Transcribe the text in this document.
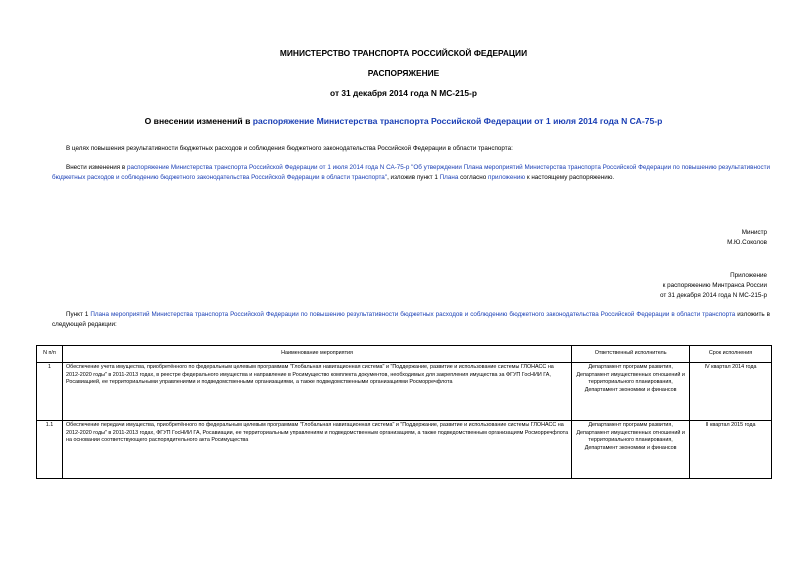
МИНИСТЕРСТВО ТРАНСПОРТА РОССИЙСКОЙ ФЕДЕРАЦИИ
РАСПОРЯЖЕНИЕ
от 31 декабря 2014 года N МС-215-р
О внесении изменений в распоряжение Министерства транспорта Российской Федерации от 1 июля 2014 года N СА-75-р
В целях повышения результативности бюджетных расходов и соблюдения бюджетного законодательства Российской Федерации в области транспорта:
Внести изменения в распоряжение Министерства транспорта Российской Федерации от 1 июля 2014 года N СА-75-р "Об утверждении Плана мероприятий Министерства транспорта Российской Федерации по повышению результативности бюджетных расходов и соблюдению бюджетного законодательства Российской Федерации в области транспорта", изложив пункт 1 Плана согласно приложению к настоящему распоряжению.
Министр
М.Ю.Соколов
Приложение
к распоряжению Минтранса России
от 31 декабря 2014 года N МС-215-р
Пункт 1 Плана мероприятий Министерства транспорта Российской Федерации по повышению результативности бюджетных расходов и соблюдению бюджетного законодательства Российской Федерации в области транспорта изложить в следующей редакции:
N п/п	Наименование мероприятия	Ответственный исполнитель	Срок исполнения
1	Обеспечение учета имущества, приобретённого по федеральным целевым программам "Глобальная навигационная система" и "Поддержание, развитие и использование системы ГЛОНАСС на 2012-2020 годы" в 2011-2013 годах, в реестре федерального имущества и направление в Росимущество комплекта документов, необходимых для закрепления имущества за ФГУП ГосНИИ ГА, Росавиацией, ее территориальными управлениями и подведомственными организациями, а также подведомственными организациями Росморречфлота	Департамент программ развития, Департамент имущественных отношений и территориального планирования, Департамент экономики и финансов	IV квартал 2014 года
1.1	Обеспечение передачи имущества, приобретённого по федеральным целевым программам "Глобальная навигационная система" и "Поддержание, развитие и использование системы ГЛОНАСС на 2012-2020 годы" в 2011-2013 годах, ФГУП ГосНИИ ГА, Росавиации, ее территориальным управлениям и подведомственным организациям, а также подведомственным организациям Росморречфлота на основании соответствующего распорядительного акта Росимущества	Департамент программ развития, Департамент имущественных отношений и территориального планирования, Департамент экономики и финансов	II квартал 2015 года
